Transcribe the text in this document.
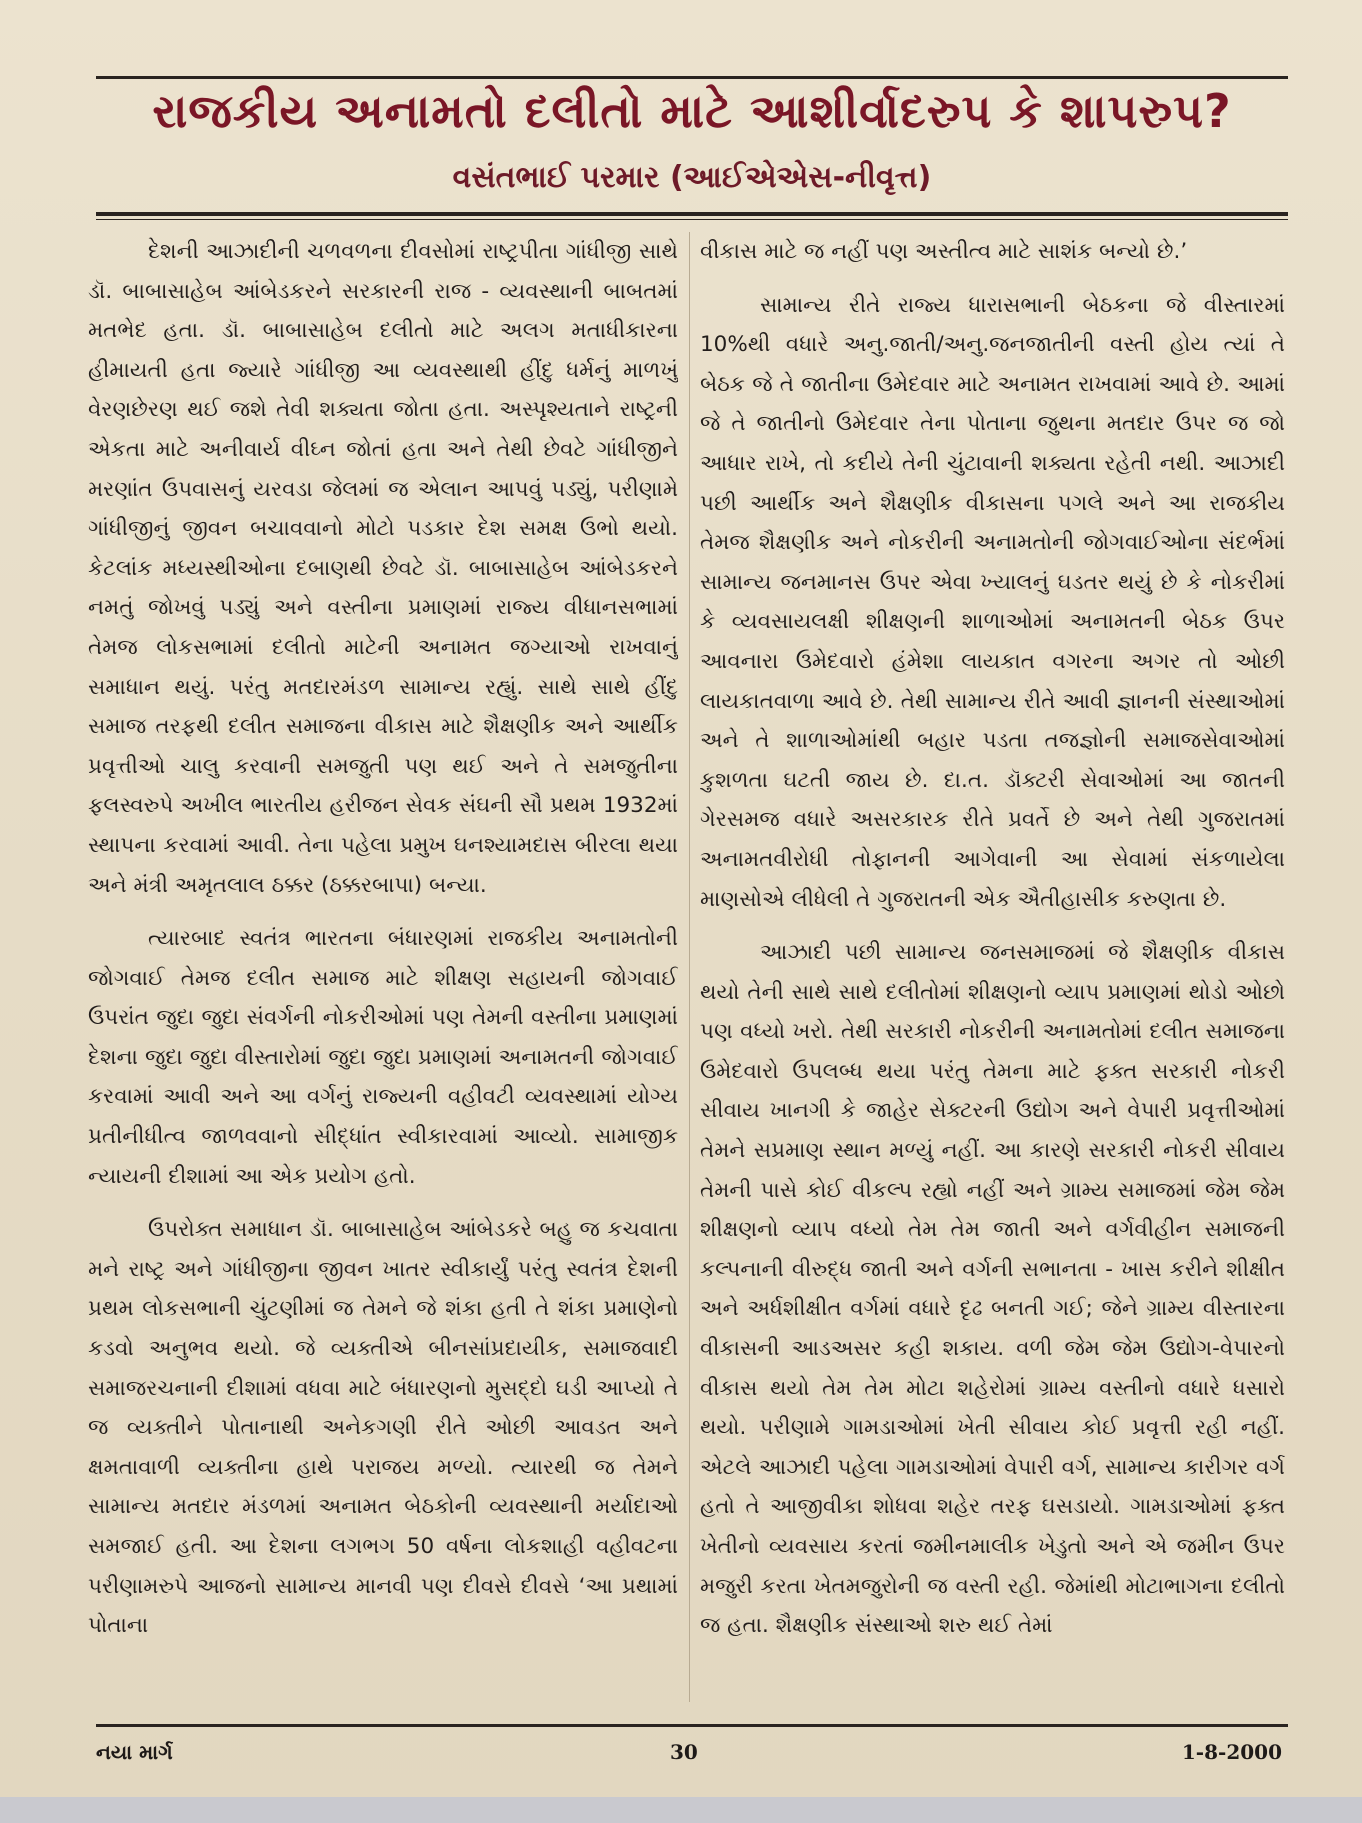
રાજકીય અનામતો દલીતો માટે આશીર્વાદરુપ કે શાપરુપ?
વસંતભાઈ પરમાર (આઈએએસ-નીવૃત્ત)

દેશની આઝાદીની ચળવળના દીવસોમાં રાષ્ટ્રપીતા ગાંધીજી સાથે ડૉ. બાબાસાહેબ આંબેડકરને સરકારની રાજ - વ્યવસ્થાની બાબતમાં મતભેદ હતા. ડૉ. બાબાસાહેબ દલીતો માટે અલગ મતાધીકારના હીમાયતી હતા જ્યારે ગાંધીજી આ વ્યવસ્થાથી હીંદુ ધર્મનું માળખું વેરણછેરણ થઈ જશે તેવી શક્યતા જોતા હતા. અસ્પૃશ્યતાને રાષ્ટ્રની એકતા માટે અનીવાર્ય વીઘ્ન જોતાં હતા અને તેથી છેવટે ગાંધીજીને મરણાંત ઉપવાસનું યરવડા જેલમાં જ એલાન આપવું પડ્યું, પરીણામે ગાંધીજીનું જીવન બચાવવાનો મોટો પડકાર દેશ સમક્ષ ઉભો થયો. કેટલાંક મધ્યસ્થીઓના દબાણથી છેવટે ડૉ. બાબાસાહેબ આંબેડકરને નમતું જોખવું પડ્યું અને વસ્તીના પ્રમાણમાં રાજ્ય વીધાનસભામાં તેમજ લોકસભામાં દલીતો માટેની અનામત જગ્યાઓ રાખવાનું સમાધાન થયું. પરંતુ મતદારમંડળ સામાન્ય રહ્યું. સાથે સાથે હીંદુ સમાજ તરફથી દલીત સમાજના વીકાસ માટે શૈક્ષણીક અને આર્થીક પ્રવૃત્તીઓ ચાલુ કરવાની સમજુતી પણ થઈ અને તે સમજુતીના ફલસ્વરુપે અખીલ ભારતીય હરીજન સેવક સંઘની સૌ પ્રથમ 1932માં સ્થાપના કરવામાં આવી. તેના પહેલા પ્રમુખ ઘનશ્યામદાસ બીરલા થયા અને મંત્રી અમૃતલાલ ઠક્કર (ઠક્કરબાપા) બન્યા.

ત્યારબાદ સ્વતંત્ર ભારતના બંધારણમાં રાજકીય અનામતોની જોગવાઈ તેમજ દલીત સમાજ માટે શીક્ષણ સહાયની જોગવાઈ ઉપરાંત જુદા જુદા સંવર્ગની નોકરીઓમાં પણ તેમની વસ્તીના પ્રમાણમાં દેશના જુદા જુદા વીસ્તારોમાં જુદા જુદા પ્રમાણમાં અનામતની જોગવાઈ કરવામાં આવી અને આ વર્ગનું રાજ્યની વહીવટી વ્યવસ્થામાં યોગ્ય પ્રતીનીધીત્વ જાળવવાનો સીદ્ધાંત સ્વીકારવામાં આવ્યો. સામાજીક ન્યાયની દીશામાં આ એક પ્રયોગ હતો.

ઉપરોક્ત સમાધાન ડૉ. બાબાસાહેબ આંબેડકરે બહુ જ કચવાતા મને રાષ્ટ્ર અને ગાંધીજીના જીવન ખાતર સ્વીકાર્યું પરંતુ સ્વતંત્ર દેશની પ્રથમ લોકસભાની ચુંટણીમાં જ તેમને જે શંકા હતી તે શંકા પ્રમાણેનો કડવો અનુભવ થયો. જે વ્યક્તીએ બીનસાંપ્રદાયીક, સમાજવાદી સમાજરચનાની દીશામાં વધવા માટે બંધારણનો મુસદ્દો ઘડી આપ્યો તે જ વ્યક્તીને પોતાનાથી અનેકગણી રીતે ઓછી આવડત અને ક્ષમતાવાળી વ્યક્તીના હાથે પરાજય મળ્યો. ત્યારથી જ તેમને સામાન્ય મતદાર મંડળમાં અનામત બેઠકોની વ્યવસ્થાની મર્યાદાઓ સમજાઈ હતી. આ દેશના લગભગ 50 વર્ષના લોકશાહી વહીવટના પરીણામરુપે આજનો સામાન્ય માનવી પણ દીવસે દીવસે ‘આ પ્રથામાં પોતાના

વીકાસ માટે જ નહીં પણ અસ્તીત્વ માટે સાશંક બન્યો છે.’

સામાન્ય રીતે રાજ્ય ધારાસભાની બેઠકના જે વીસ્તારમાં 10%થી વધારે અનુ.જાતી/અનુ.જનજાતીની વસ્તી હોય ત્યાં તે બેઠક જે તે જાતીના ઉમેદવાર માટે અનામત રાખવામાં આવે છે. આમાં જે તે જાતીનો ઉમેદવાર તેના પોતાના જુથના મતદાર ઉપર જ જો આધાર રાખે, તો કદીયે તેની ચુંટાવાની શક્યતા રહેતી નથી. આઝાદી પછી આર્થીક અને શૈક્ષણીક વીકાસના પગલે અને આ રાજકીય તેમજ શૈક્ષણીક અને નોકરીની અનામતોની જોગવાઈઓના સંદર્ભમાં સામાન્ય જનમાનસ ઉપર એવા ખ્યાલનું ઘડતર થયું છે કે નોકરીમાં કે વ્યવસાયલક્ષી શીક્ષણની શાળાઓમાં અનામતની બેઠક ઉપર આવનારા ઉમેદવારો હંમેશા લાયકાત વગરના અગર તો ઓછી લાયકાતવાળા આવે છે. તેથી સામાન્ય રીતે આવી જ્ઞાનની સંસ્થાઓમાં અને તે શાળાઓમાંથી બહાર પડતા તજજ્ઞોની સમાજસેવાઓમાં કુશળતા ઘટતી જાય છે. દા.ત. ડૉક્ટરી સેવાઓમાં આ જાતની ગેરસમજ વધારે અસરકારક રીતે પ્રવર્તે છે અને તેથી ગુજરાતમાં અનામતવીરોધી તોફાનની આગેવાની આ સેવામાં સંકળાયેલા માણસોએ લીધેલી તે ગુજરાતની એક ઐતીહાસીક કરુણતા છે.

આઝાદી પછી સામાન્ય જનસમાજમાં જે શૈક્ષણીક વીકાસ થયો તેની સાથે સાથે દલીતોમાં શીક્ષણનો વ્યાપ પ્રમાણમાં થોડો ઓછો પણ વધ્યો ખરો. તેથી સરકારી નોકરીની અનામતોમાં દલીત સમાજના ઉમેદવારો ઉપલબ્ધ થયા પરંતુ તેમના માટે ફક્ત સરકારી નોકરી સીવાય ખાનગી કે જાહેર સેક્ટરની ઉદ્યોગ અને વેપારી પ્રવૃત્તીઓમાં તેમને સપ્રમાણ સ્થાન મળ્યું નહીં. આ કારણે સરકારી નોકરી સીવાય તેમની પાસે કોઈ વીકલ્પ રહ્યો નહીં અને ગ્રામ્ય સમાજમાં જેમ જેમ શીક્ષણનો વ્યાપ વધ્યો તેમ તેમ જાતી અને વર્ગવીહીન સમાજની કલ્પનાની વીરુદ્ધ જાતી અને વર્ગની સભાનતા - ખાસ કરીને શીક્ષીત અને અર્ધશીક્ષીત વર્ગમાં વધારે દૃઢ બનતી ગઈ; જેને ગ્રામ્ય વીસ્તારના વીકાસની આડઅસર કહી શકાય. વળી જેમ જેમ ઉદ્યોગ-વેપારનો વીકાસ થયો તેમ તેમ મોટા શહેરોમાં ગ્રામ્ય વસ્તીનો વધારે ધસારો થયો. પરીણામે ગામડાઓમાં ખેતી સીવાય કોઈ પ્રવૃત્તી રહી નહીં. એટલે આઝાદી પહેલા ગામડાઓમાં વેપારી વર્ગ, સામાન્ય કારીગર વર્ગ હતો તે આજીવીકા શોધવા શહેર તરફ ઘસડાયો. ગામડાઓમાં ફક્ત ખેતીનો વ્યવસાય કરતાં જમીનમાલીક ખેડુતો અને એ જમીન ઉપર મજુરી કરતા ખેતમજુરોની જ વસ્તી રહી. જેમાંથી મોટાભાગના દલીતો જ હતા. શૈક્ષણીક સંસ્થાઓ શરુ થઈ તેમાં

નયા માર્ગ	30	1-8-2000
